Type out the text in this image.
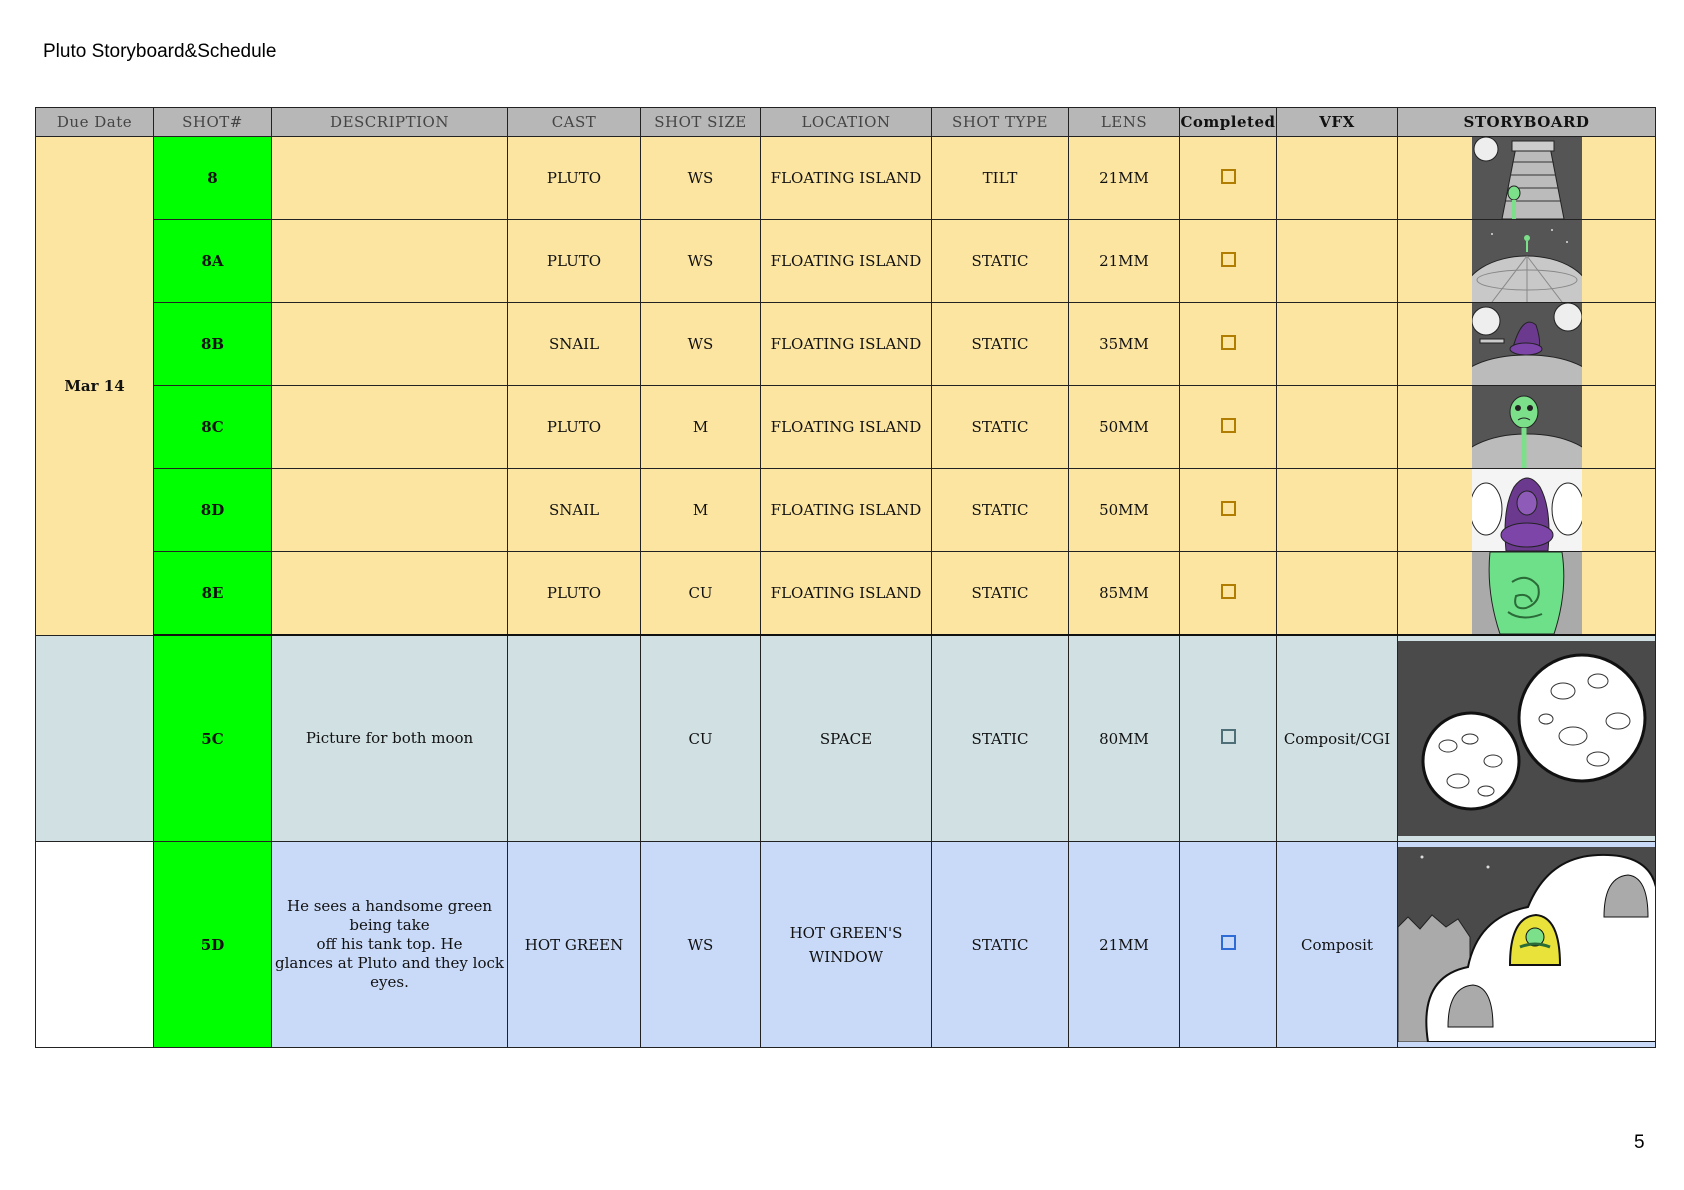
Pluto Storyboard&Schedule
Due Date	SHOT#	DESCRIPTION	CAST	SHOT SIZE	LOCATION	SHOT TYPE	LENS	Completed	VFX	STORYBOARD
Mar 14	8		PLUTO	WS	FLOATING ISLAND	TILT	21MM			

	8A		PLUTO	WS	FLOATING ISLAND	STATIC	21MM			

	8B		SNAIL	WS	FLOATING ISLAND	STATIC	35MM			

	8C		PLUTO	M	FLOATING ISLAND	STATIC	50MM			

	8D		SNAIL	M	FLOATING ISLAND	STATIC	50MM			

	8E		PLUTO	CU	FLOATING ISLAND	STATIC	85MM			

	5C	Picture for both moon		CU	SPACE	STATIC	80MM		Composit/CGI	

	5D	He sees a handsome green being take
off his tank top. He
glances at Pluto and they lock eyes.	HOT GREEN	WS	HOT GREEN'S WINDOW	STATIC	21MM		Composit	
5
